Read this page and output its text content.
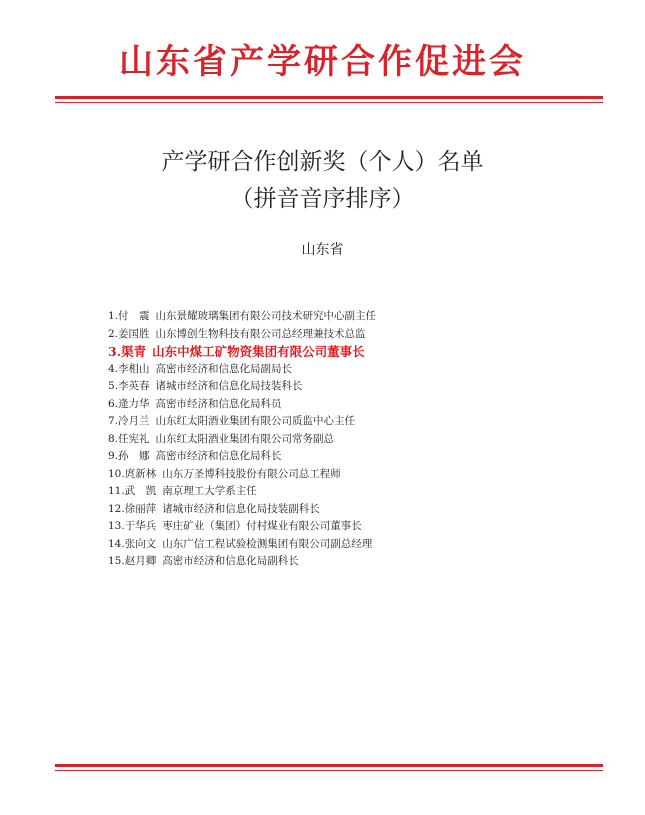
山东省产学研合作促进会
产学研合作创新奖（个人）名单
（拼音音序排序）
山东省
1.付　震 山东景耀玻璃集团有限公司技术研究中心副主任
2.姜国胜 山东博创生物科技有限公司总经理兼技术总监
3.渠青 山东中煤工矿物资集团有限公司董事长
4.李相山 高密市经济和信息化局副局长
5.李英春 诸城市经济和信息化局技装科长
6.逄力华 高密市经济和信息化局科员
7.冷月兰 山东红太阳酒业集团有限公司质监中心主任
8.任宪礼 山东红太阳酒业集团有限公司常务副总
9.孙　娜 高密市经济和信息化局科长
10.庹新林 山东万圣博科技股份有限公司总工程师
11.武　凯 南京理工大学系主任
12.徐丽萍 诸城市经济和信息化局技装副科长
13.于华兵 枣庄矿业（集团）付村煤业有限公司董事长
14.张向文 山东广信工程试验检测集团有限公司副总经理
15.赵月卿 高密市经济和信息化局副科长
